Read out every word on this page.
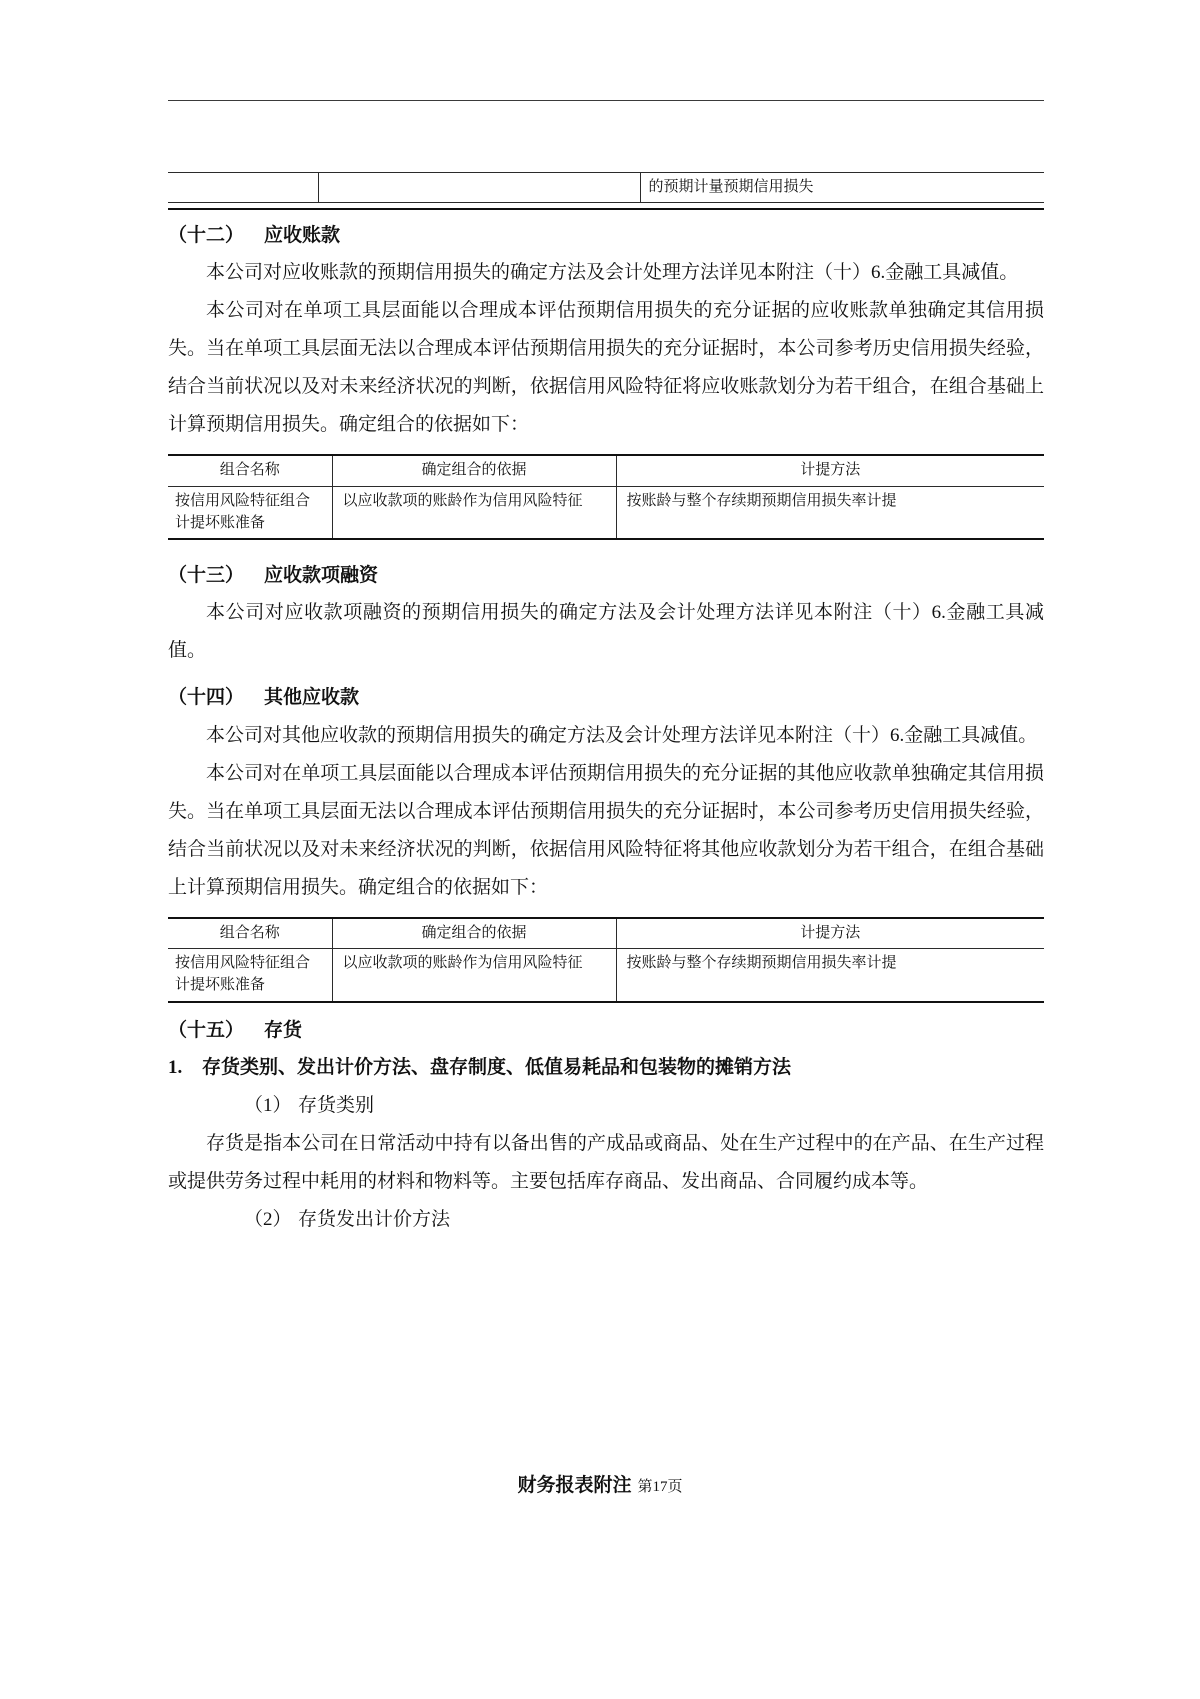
		的预期计量预期信用损失

（十二） 应收账款

本公司对应收账款的预期信用损失的确定方法及会计处理方法详见本附注（十）6.金融工具减值。

本公司对在单项工具层面能以合理成本评估预期信用损失的充分证据的应收账款单独确定其信用损失。当在单项工具层面无法以合理成本评估预期信用损失的充分证据时，本公司参考历史信用损失经验，结合当前状况以及对未来经济状况的判断，依据信用风险特征将应收账款划分为若干组合，在组合基础上计算预期信用损失。确定组合的依据如下：

组合名称	确定组合的依据	计提方法
按信用风险特征组合计提坏账准备	以应收款项的账龄作为信用风险特征	按账龄与整个存续期预期信用损失率计提

（十三） 应收款项融资

本公司对应收款项融资的预期信用损失的确定方法及会计处理方法详见本附注（十）6.金融工具减值。

（十四） 其他应收款

本公司对其他应收款的预期信用损失的确定方法及会计处理方法详见本附注（十）6.金融工具减值。

本公司对在单项工具层面能以合理成本评估预期信用损失的充分证据的其他应收款单独确定其信用损失。当在单项工具层面无法以合理成本评估预期信用损失的充分证据时，本公司参考历史信用损失经验，结合当前状况以及对未来经济状况的判断，依据信用风险特征将其他应收款划分为若干组合，在组合基础上计算预期信用损失。确定组合的依据如下：

组合名称	确定组合的依据	计提方法
按信用风险特征组合计提坏账准备	以应收款项的账龄作为信用风险特征	按账龄与整个存续期预期信用损失率计提

（十五） 存货

1. 存货类别、发出计价方法、盘存制度、低值易耗品和包装物的摊销方法

（1） 存货类别

存货是指本公司在日常活动中持有以备出售的产成品或商品、处在生产过程中的在产品、在生产过程或提供劳务过程中耗用的材料和物料等。主要包括库存商品、发出商品、合同履约成本等。

（2） 存货发出计价方法

财务报表附注 第17页
